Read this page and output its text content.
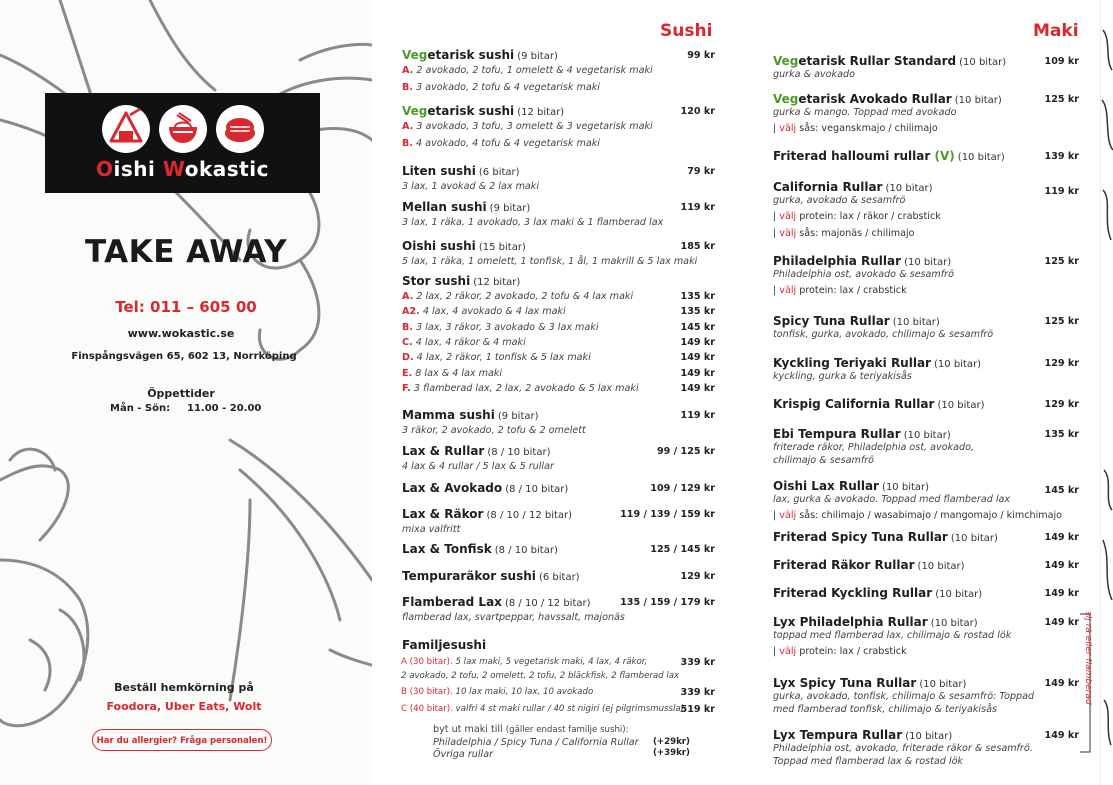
Oishi Wokastic
TAKE AWAY
Tel: 011 – 605 00
www.wokastic.se
Finspångsvägen 65, 602 13, Norrköping
Öppettider
Mån - Sön: 11.00 - 20.00
Beställ hemkörning på
Foodora, Uber Eats, Wolt
Har du allergier? Fråga personalen!
Sushi
Vegetarisk sushi (9 bitar)	99 kr
A. 2 avokado, 2 tofu, 1 omelett & 4 vegetarisk maki
B. 3 avokado, 2 tofu & 4 vegetarisk maki
Vegetarisk sushi (12 bitar)	120 kr
A. 3 avokado, 3 tofu, 3 omelett & 3 vegetarisk maki
B. 4 avokado, 4 tofu & 4 vegetarisk maki
Liten sushi (6 bitar)	79 kr
3 lax, 1 avokad & 2 lax maki
Mellan sushi (9 bitar)	119 kr
3 lax, 1 räka, 1 avokado, 3 lax maki & 1 flamberad lax
Oishi sushi (15 bitar)	185 kr
5 lax, 1 räka, 1 omelett, 1 tonfisk, 1 ål, 1 makrill & 5 lax maki
Stor sushi (12 bitar)
A. 2 lax, 2 räkor, 2 avokado, 2 tofu & 4 lax maki	135 kr
A2. 4 lax, 4 avokado & 4 lax maki	135 kr
B. 3 lax, 3 räkor, 3 avokado & 3 lax maki	145 kr
C. 4 lax, 4 räkor & 4 maki	149 kr
D. 4 lax, 2 räkor, 1 tonfisk & 5 lax maki	149 kr
E. 8 lax & 4 lax maki	149 kr
F. 3 flamberad lax, 2 lax, 2 avokado & 5 lax maki	149 kr
Mamma sushi (9 bitar)	119 kr
3 räkor, 2 avokado, 2 tofu & 2 omelett
Lax & Rullar (8 / 10 bitar)	99 / 125 kr
4 lax & 4 rullar / 5 lax & 5 rullar
Lax & Avokado (8 / 10 bitar)	109 / 129 kr
Lax & Räkor (8 / 10 / 12 bitar)	119 / 139 / 159 kr
mixa valfritt
Lax & Tonfisk (8 / 10 bitar)	125 / 145 kr
Tempuraräkor sushi (6 bitar)	129 kr
Flamberad Lax (8 / 10 / 12 bitar)	135 / 159 / 179 kr
flamberad lax, svartpeppar, havssalt, majonäs
Familjesushi
A (30 bitar). 5 lax maki, 5 vegetarisk maki, 4 lax, 4 räkor,	339 kr
2 avokado, 2 tofu, 2 omelett, 2 tofu, 2 bläckfisk, 2 flamberad lax
B (30 bitar). 10 lax maki, 10 lax, 10 avokado	339 kr
C (40 bitar). valfri 4 st maki rullar / 40 st nigiri (ej pilgrimsmussla)
519 kr
byt ut maki till (gäller endast familje sushi):
Philadelphia / Spicy Tuna / California Rullar (+29kr)
Övriga rullar	(+39kr)
Maki
Vegetarisk Rullar Standard (10 bitar)	109 kr
gurka & avokado
Vegetarisk Avokado Rullar (10 bitar)	125 kr
gurka & mango. Toppad med avokado
| välj sås: veganskmajo / chilimajo
Friterad halloumi rullar (V) (10 bitar)	139 kr
California Rullar (10 bitar)	119 kr
gurka, avokado & sesamfrö
| välj protein: lax / räkor / crabstick
| välj sås: majonäs / chilimajo
Philadelphia Rullar (10 bitar)	125 kr
Philadelphia ost, avokado & sesamfrö
| välj protein: lax / crabstick
Spicy Tuna Rullar (10 bitar)	125 kr
tonfisk, gurka, avokado, chilimajo & sesamfrö
Kyckling Teriyaki Rullar (10 bitar)	129 kr
kyckling, gurka & teriyakisås
Krispig California Rullar (10 bitar)	129 kr
Ebi Tempura Rullar (10 bitar)	135 kr
friterade räkor, Philadelphia ost, avokado,
chilimajo & sesamfrö
Oishi Lax Rullar (10 bitar)	145 kr
lax, gurka & avokado. Toppad med flamberad lax
| välj sås: chilimajo / wasabimajo / mangomajo / kimchimajo
Friterad Spicy Tuna Rullar (10 bitar)	149 kr
Friterad Räkor Rullar (10 bitar)	149 kr
Friterad Kyckling Rullar (10 bitar)	149 kr
Lyx Philadelphia Rullar (10 bitar)	149 kr
toppad med flamberad lax, chilimajo & rostad lök
| välj protein: lax / crabstick
Lyx Spicy Tuna Rullar (10 bitar)	149 kr
gurka, avokado, tonfisk, chilimajo & sesamfrö: Toppad
med flamberad tonfisk, chilimajo & teriyakisås
Lyx Tempura Rullar (10 bitar)	149 kr
Philadelphia ost, avokado, friterade räkor & sesamfrö.
Toppad med flamberad lax & rostad lök
välj rå eller flamberad
